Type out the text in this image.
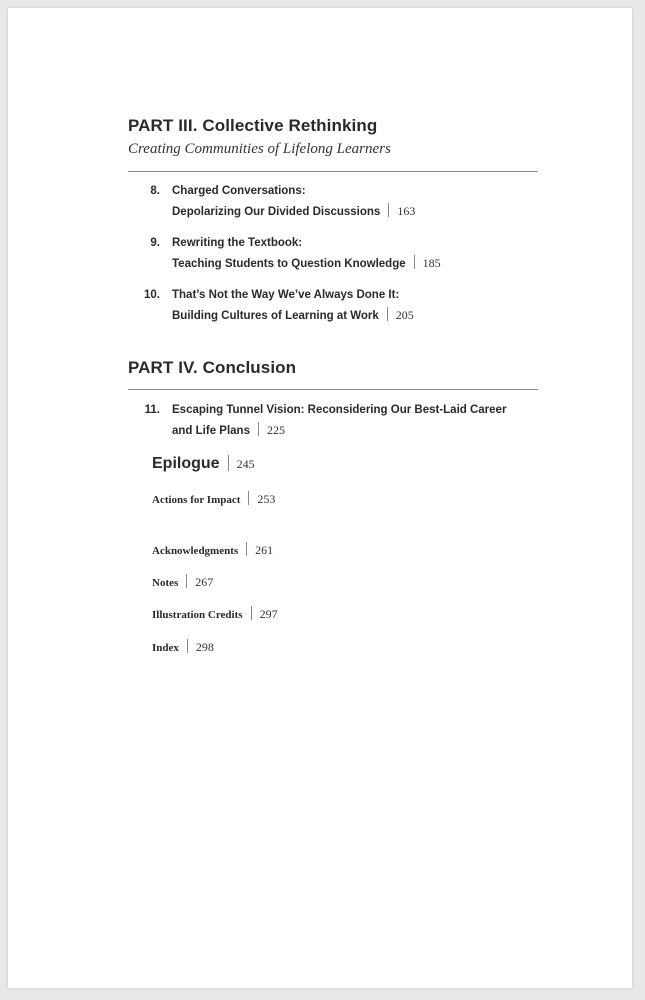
PART III. Collective Rethinking
Creating Communities of Lifelong Learners
8. Charged Conversations:
Depolarizing Our Divided Discussions 163
9. Rewriting the Textbook:
Teaching Students to Question Knowledge 185
10. That’s Not the Way We’ve Always Done It:
Building Cultures of Learning at Work 205
PART IV. Conclusion
11. Escaping Tunnel Vision: Reconsidering Our Best-Laid Career
and Life Plans 225
Epilogue 245
Actions for Impact 253
Acknowledgments 261
Notes 267
Illustration Credits 297
Index 298
